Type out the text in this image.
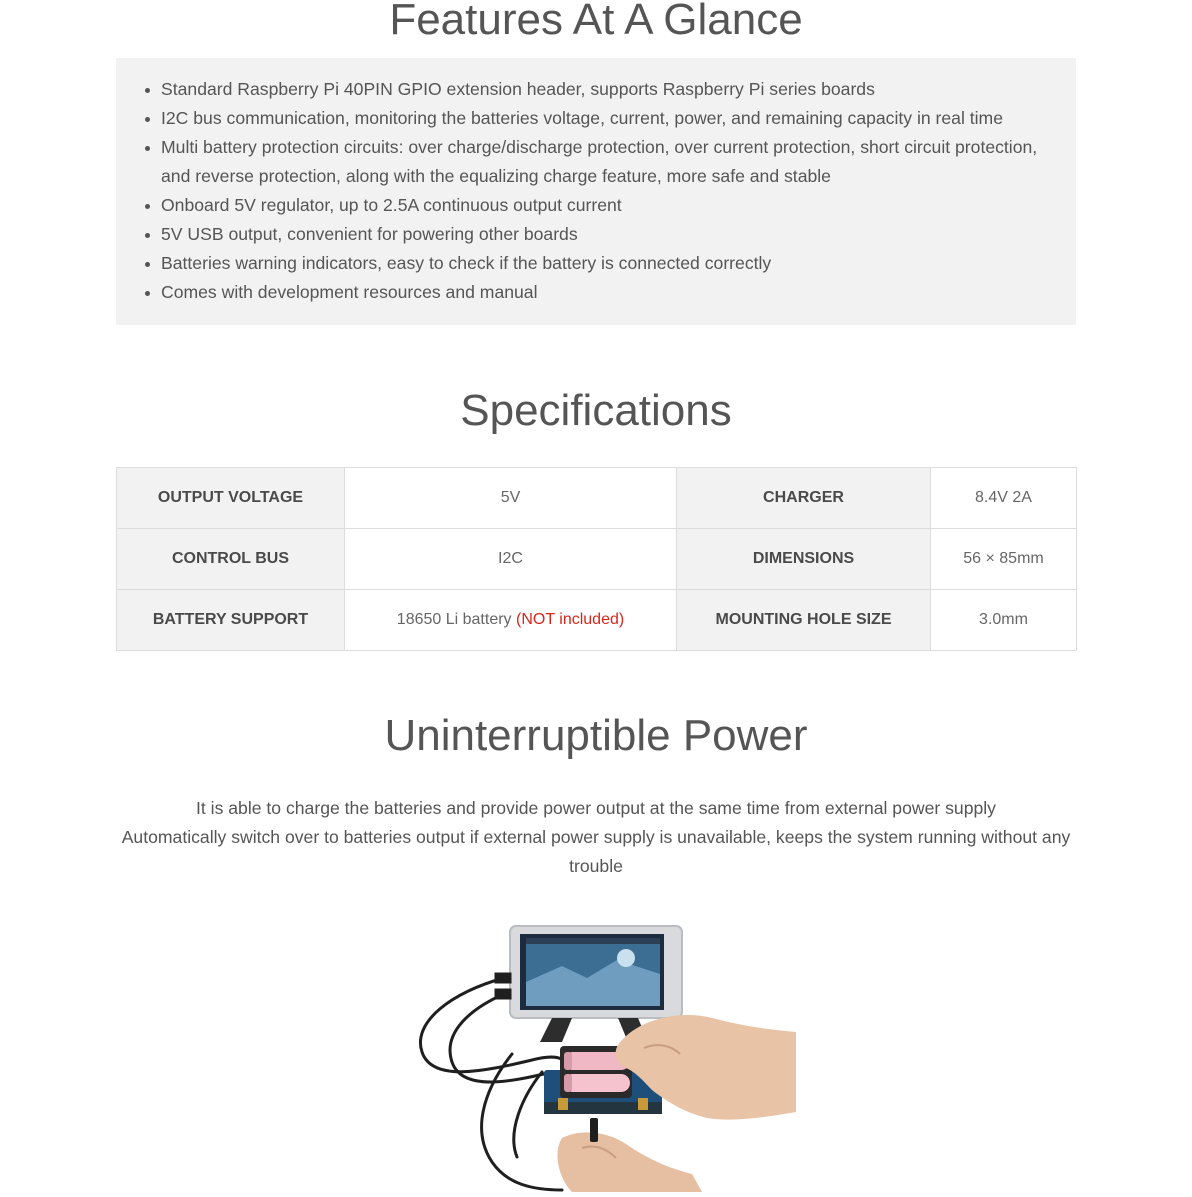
Features At A Glance
Standard Raspberry Pi 40PIN GPIO extension header, supports Raspberry Pi series boards
I2C bus communication, monitoring the batteries voltage, current, power, and remaining capacity in real time
Multi battery protection circuits: over charge/discharge protection, over current protection, short circuit protection, and reverse protection, along with the equalizing charge feature, more safe and stable
Onboard 5V regulator, up to 2.5A continuous output current
5V USB output, convenient for powering other boards
Batteries warning indicators, easy to check if the battery is connected correctly
Comes with development resources and manual
Specifications
OUTPUT VOLTAGE	5V	CHARGER	8.4V 2A
CONTROL BUS	I2C	DIMENSIONS	56 × 85mm
BATTERY SUPPORT	18650 Li battery (NOT included)	MOUNTING HOLE SIZE	3.0mm
Uninterruptible Power

It is able to charge the batteries and provide power output at the same time from external power supply

Automatically switch over to batteries output if external power supply is unavailable, keeps the system running without any trouble
